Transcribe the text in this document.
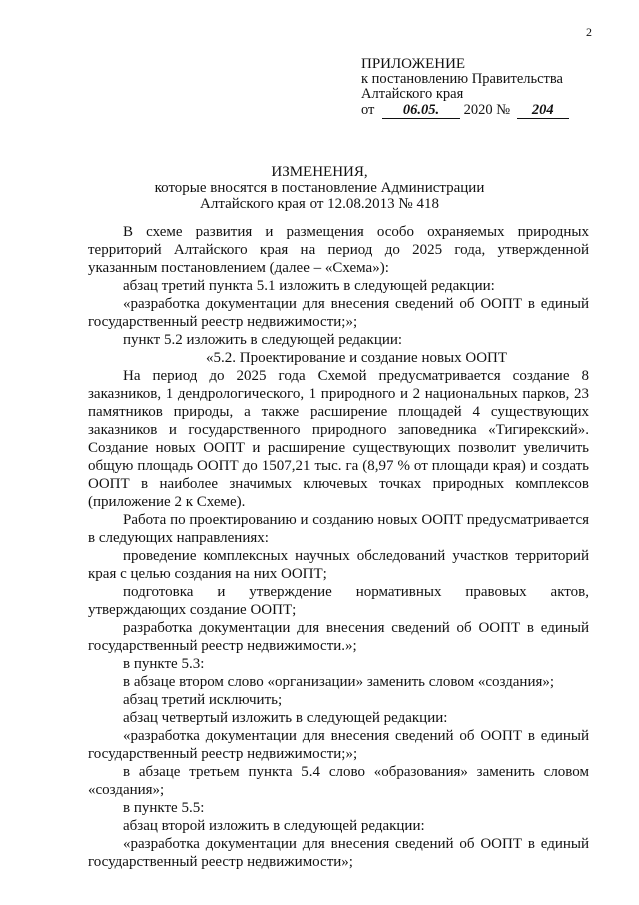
2
ПРИЛОЖЕНИЕ
к постановлению Правительства
Алтайского края
от 06.05. 2020 № 204
ИЗМЕНЕНИЯ,
которые вносятся в постановление Администрации
Алтайского края от 12.08.2013 № 418

В схеме развития и размещения особо охраняемых природных территорий Алтайского края на период до 2025 года, утвержденной указанным постановлением (далее – «Схема»):

абзац третий пункта 5.1 изложить в следующей редакции:

«разработка документации для внесения сведений об ООПТ в единый государственный реестр недвижимости;»;

пункт 5.2 изложить в следующей редакции:

«5.2. Проектирование и создание новых ООПТ

На период до 2025 года Схемой предусматривается создание 8 заказников, 1 дендрологического, 1 природного и 2 национальных парков, 23 памятников природы, а также расширение площадей 4 существующих заказников и государственного природного заповедника «Тигирекский». Создание новых ООПТ и расширение существующих позволит увеличить общую площадь ООПТ до 1507,21 тыс. га (8,97 % от площади края) и создать ООПТ в наиболее значимых ключевых точках природных комплексов (приложение 2 к Схеме).

Работа по проектированию и созданию новых ООПТ предусматривается в следующих направлениях:

проведение комплексных научных обследований участков территорий края с целью создания на них ООПТ;

подготовка и утверждение нормативных правовых актов, утверждающих создание ООПТ;

разработка документации для внесения сведений об ООПТ в единый государственный реестр недвижимости.»;

в пункте 5.3:

в абзаце втором слово «организации» заменить словом «создания»;

абзац третий исключить;

абзац четвертый изложить в следующей редакции:

«разработка документации для внесения сведений об ООПТ в единый государственный реестр недвижимости;»;

в абзаце третьем пункта 5.4 слово «образования» заменить словом «создания»;

в пункте 5.5:

абзац второй изложить в следующей редакции:

«разработка документации для внесения сведений об ООПТ в единый государственный реестр недвижимости»;
